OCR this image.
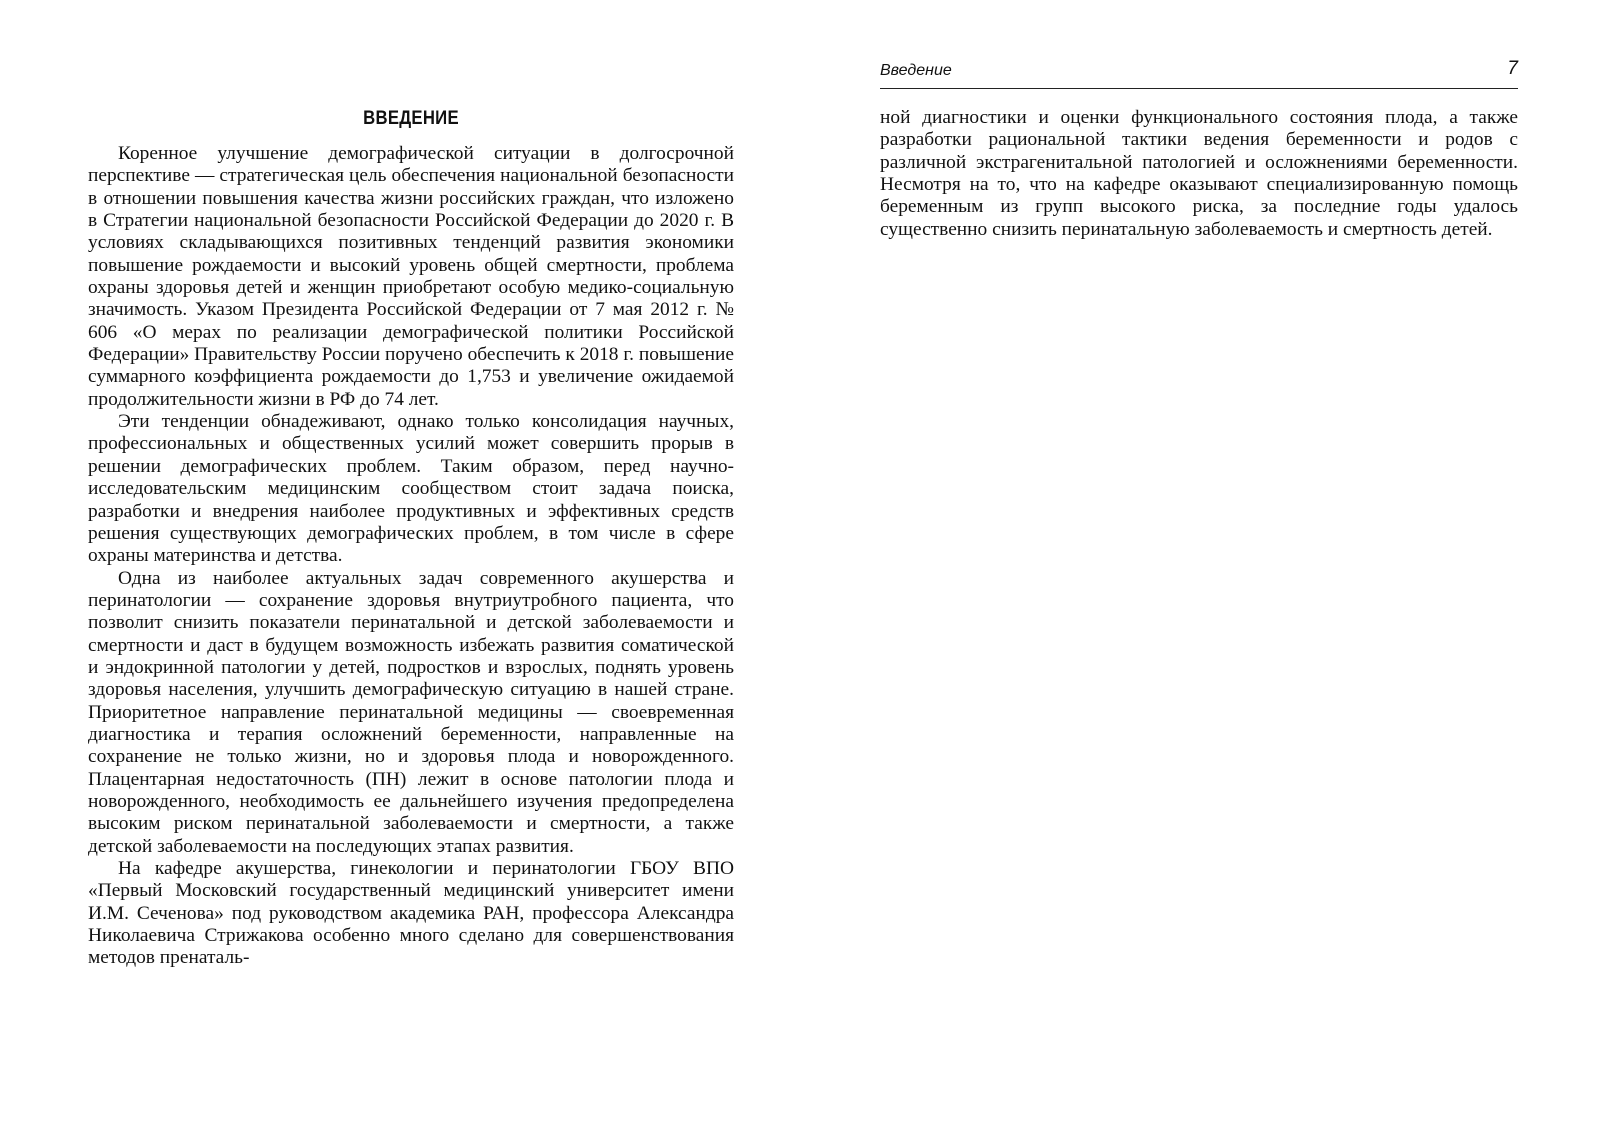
ВВЕДЕНИЕ

Коренное улучшение демографической ситуации в долгосрочной перспективе — стратегическая цель обеспечения национальной безопасности в отношении повышения качества жизни российских граждан, что изложено в Стратегии национальной безопасности Российской Федерации до 2020 г. В условиях складывающихся позитивных тенденций развития экономики повышение рождаемости и высокий уровень общей смертности, проблема охраны здоровья детей и женщин приобретают особую медико-социальную значимость. Указом Президента Российской Федерации от 7 мая 2012 г. № 606 «О мерах по реализации демографической политики Российской Федерации» Правительству России поручено обеспечить к 2018 г. повышение суммарного коэффициента рождаемости до 1,753 и увеличение ожидаемой продолжительности жизни в РФ до 74 лет.

Эти тенденции обнадеживают, однако только консолидация научных, профессиональных и общественных усилий может совершить прорыв в решении демографических проблем. Таким образом, перед научно-исследовательским медицинским сообществом стоит задача поиска, разработки и внедрения наиболее продуктивных и эффективных средств решения существующих демографических проблем, в том числе в сфере охраны материнства и детства.

Одна из наиболее актуальных задач современного акушерства и перинатологии — сохранение здоровья внутриутробного пациента, что позволит снизить показатели перинатальной и детской заболеваемости и смертности и даст в будущем возможность избежать развития соматической и эндокринной патологии у детей, подростков и взрослых, поднять уровень здоровья населения, улучшить демографическую ситуацию в нашей стране. Приоритетное направление перинатальной медицины — своевременная диагностика и терапия осложнений беременности, направленные на сохранение не только жизни, но и здоровья плода и новорожденного. Плацентарная недостаточность (ПН) лежит в основе патологии плода и новорожденного, необходимость ее дальнейшего изучения предопределена высоким риском перинатальной заболеваемости и смертности, а также детской заболеваемости на последующих этапах развития.

На кафедре акушерства, гинекологии и перинатологии ГБОУ ВПО «Первый Московский государственный медицинский университет имени И.М. Сеченова» под руководством академика РАН, профессора Александра Николаевича Стрижакова особенно много сделано для совершенствования методов пренаталь-

Введение	7

ной диагностики и оценки функционального состояния плода, а также разработки рациональной тактики ведения беременности и родов с различной экстрагенитальной патологией и осложнениями беременности. Несмотря на то, что на кафедре оказывают специализированную помощь беременным из групп высокого риска, за последние годы удалось существенно снизить перинатальную заболеваемость и смертность детей.
